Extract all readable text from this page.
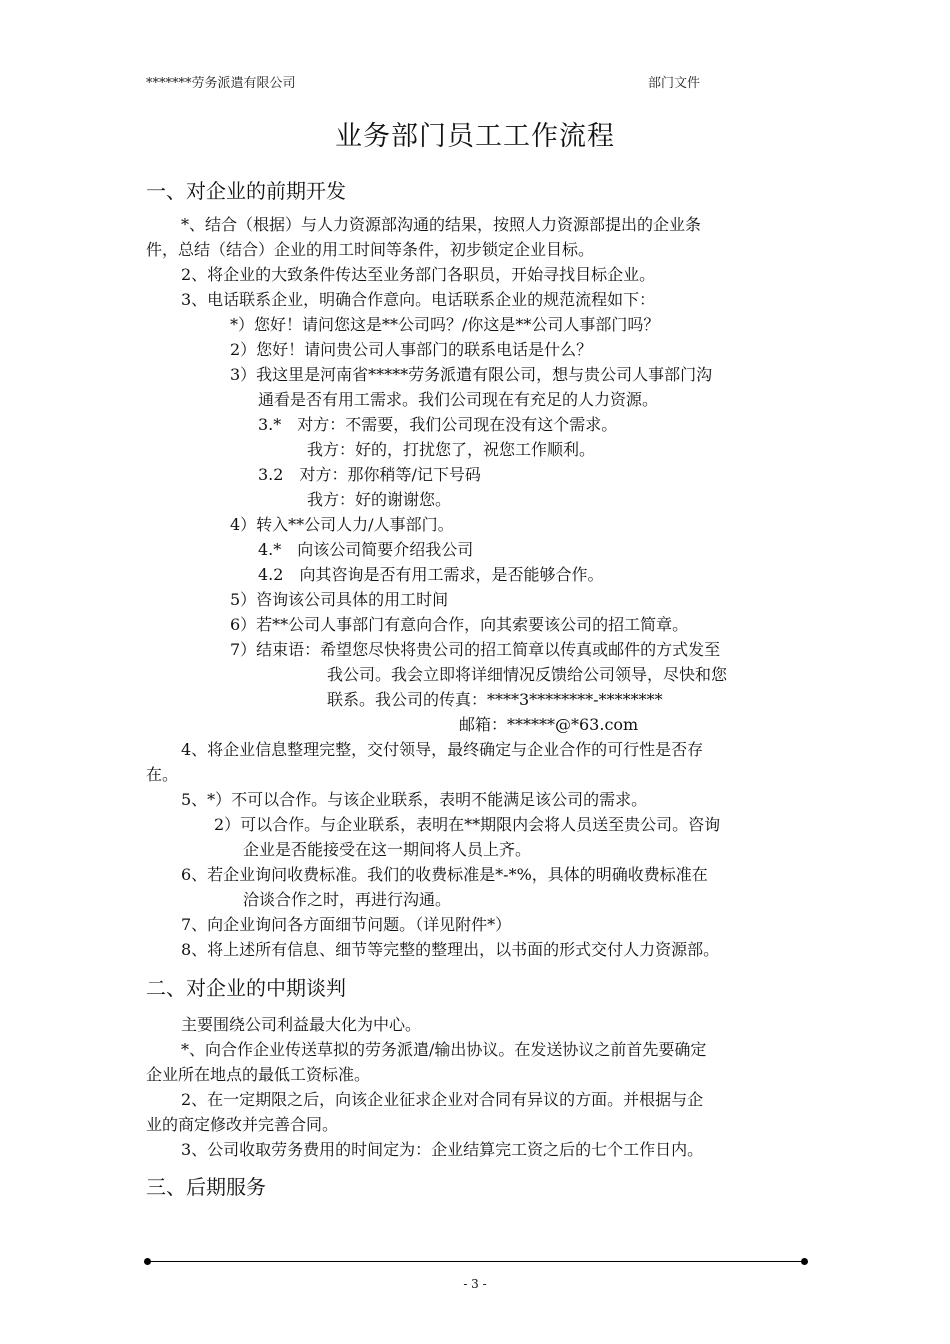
*******劳务派遣有限公司	部门文件
业务部门员工工作流程
一、对企业的前期开发
*、结合（根据）与人力资源部沟通的结果，按照人力资源部提出的企业条
件，总结（结合）企业的用工时间等条件，初步锁定企业目标。
2、将企业的大致条件传达至业务部门各职员，开始寻找目标企业。
3、电话联系企业，明确合作意向。电话联系企业的规范流程如下：
*）您好！请问您这是**公司吗？/你这是**公司人事部门吗？
2）您好！请问贵公司人事部门的联系电话是什么？
3）我这里是河南省*****劳务派遣有限公司，想与贵公司人事部门沟
通看是否有用工需求。我们公司现在有充足的人力资源。
3.*　对方：不需要，我们公司现在没有这个需求。
我方：好的，打扰您了，祝您工作顺利。
3.2　对方：那你稍等/记下号码
我方：好的谢谢您。
4）转入**公司人力/人事部门。
4.*　向该公司简要介绍我公司
4.2　向其咨询是否有用工需求，是否能够合作。
5）咨询该公司具体的用工时间
6）若**公司人事部门有意向合作，向其索要该公司的招工简章。
7）结束语：希望您尽快将贵公司的招工简章以传真或邮件的方式发至
我公司。我会立即将详细情况反馈给公司领导，尽快和您
联系。我公司的传真：****3********-********
邮箱：******@*63.com
4、将企业信息整理完整，交付领导，最终确定与企业合作的可行性是否存
在。
5、*）不可以合作。与该企业联系，表明不能满足该公司的需求。
2）可以合作。与企业联系，表明在**期限内会将人员送至贵公司。咨询
企业是否能接受在这一期间将人员上齐。
6、若企业询问收费标准。我们的收费标准是*-*%，具体的明确收费标准在
洽谈合作之时，再进行沟通。
7、向企业询问各方面细节问题。（详见附件*）
8、将上述所有信息、细节等完整的整理出，以书面的形式交付人力资源部。
二、对企业的中期谈判
主要围绕公司利益最大化为中心。
*、向合作企业传送草拟的劳务派遣/输出协议。在发送协议之前首先要确定
企业所在地点的最低工资标准。
2、在一定期限之后，向该企业征求企业对合同有异议的方面。并根据与企
业的商定修改并完善合同。
3、公司收取劳务费用的时间定为：企业结算完工资之后的七个工作日内。
三、后期服务
- 3 -
